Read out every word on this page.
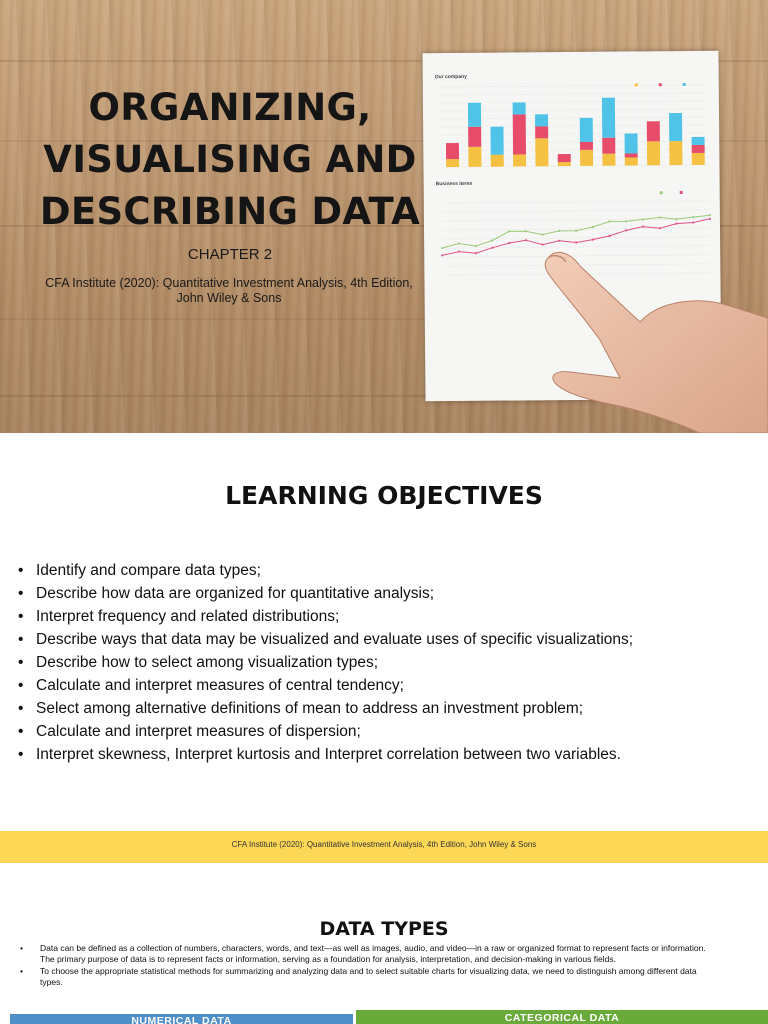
ORGANIZING,
VISUALISING AND
DESCRIBING DATA
CHAPTER 2
CFA Institute (2020): Quantitative Investment Analysis, 4th Edition,
John Wiley & Sons
Our company
Business items
LEARNING OBJECTIVES
• Identify and compare data types;
• Describe how data are organized for quantitative analysis;
• Interpret frequency and related distributions;
• Describe ways that data may be visualized and evaluate uses of specific visualizations;
• Describe how to select among visualization types;
• Calculate and interpret measures of central tendency;
• Select among alternative definitions of mean to address an investment problem;
• Calculate and interpret measures of dispersion;
• Interpret skewness, Interpret kurtosis and Interpret correlation between two variables.
CFA Institute (2020): Quantitative Investment Analysis, 4th Edition, John Wiley & Sons
DATA TYPES
• Data can be defined as a collection of numbers, characters, words, and text—as well as images, audio, and video—in a raw or organized format to represent facts or information. The primary purpose of data is to represent facts or information, serving as a foundation for analysis, interpretation, and decision-making in various fields.
• To choose the appropriate statistical methods for summarizing and analyzing data and to select suitable charts for visualizing data, we need to distinguish among different data types.
NUMERICAL DATA	CATEGORICAL DATA
